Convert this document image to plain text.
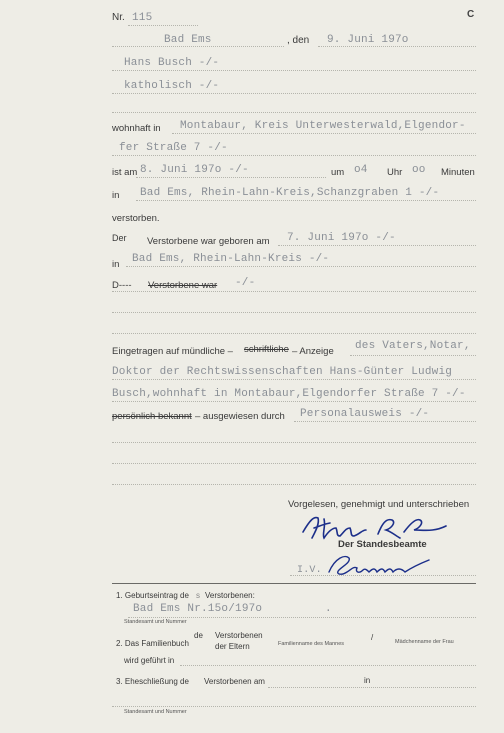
Nr. 115	C
Bad Ems	, den 9. Juni 197o
Hans Busch -/-
katholisch -/-
wohnhaft in Montabaur, Kreis Unterwesterwald,Elgendor-
fer Straße 7 -/-
ist am 8. Juni 197o -/-	um o4 Uhr oo Minuten
in Bad Ems, Rhein-Lahn-Kreis,Schanzgraben 1 -/-
verstorben.
Der Verstorbene war geboren am 7. Juni 197o -/-
in Bad Ems, Rhein-Lahn-Kreis -/-
D---- Verstorbene war -/-
Eingetragen auf mündliche – schriftliche – Anzeige des Vaters,Notar,
Doktor der Rechtswissenschaften Hans-Günter Ludwig
Busch,wohnhaft in Montabaur,Elgendorfer Straße 7 -/-
persönlich bekannt – ausgewiesen durch Personalausweis -/-
Vorgelesen, genehmigt und unterschrieben
Der Standesbeamte
I.V.
1. Geburtseintrag de s Verstorbenen:
Bad Ems Nr.15o/197o	.
Standesamt und Nummer
2. Das Familienbuch
de Verstorbenen
der Eltern	Familienname des Mannes
/	Mädchenname der Frau
wird geführt in
3. Eheschließung de Verstorbenen am	in
Standesamt und Nummer
